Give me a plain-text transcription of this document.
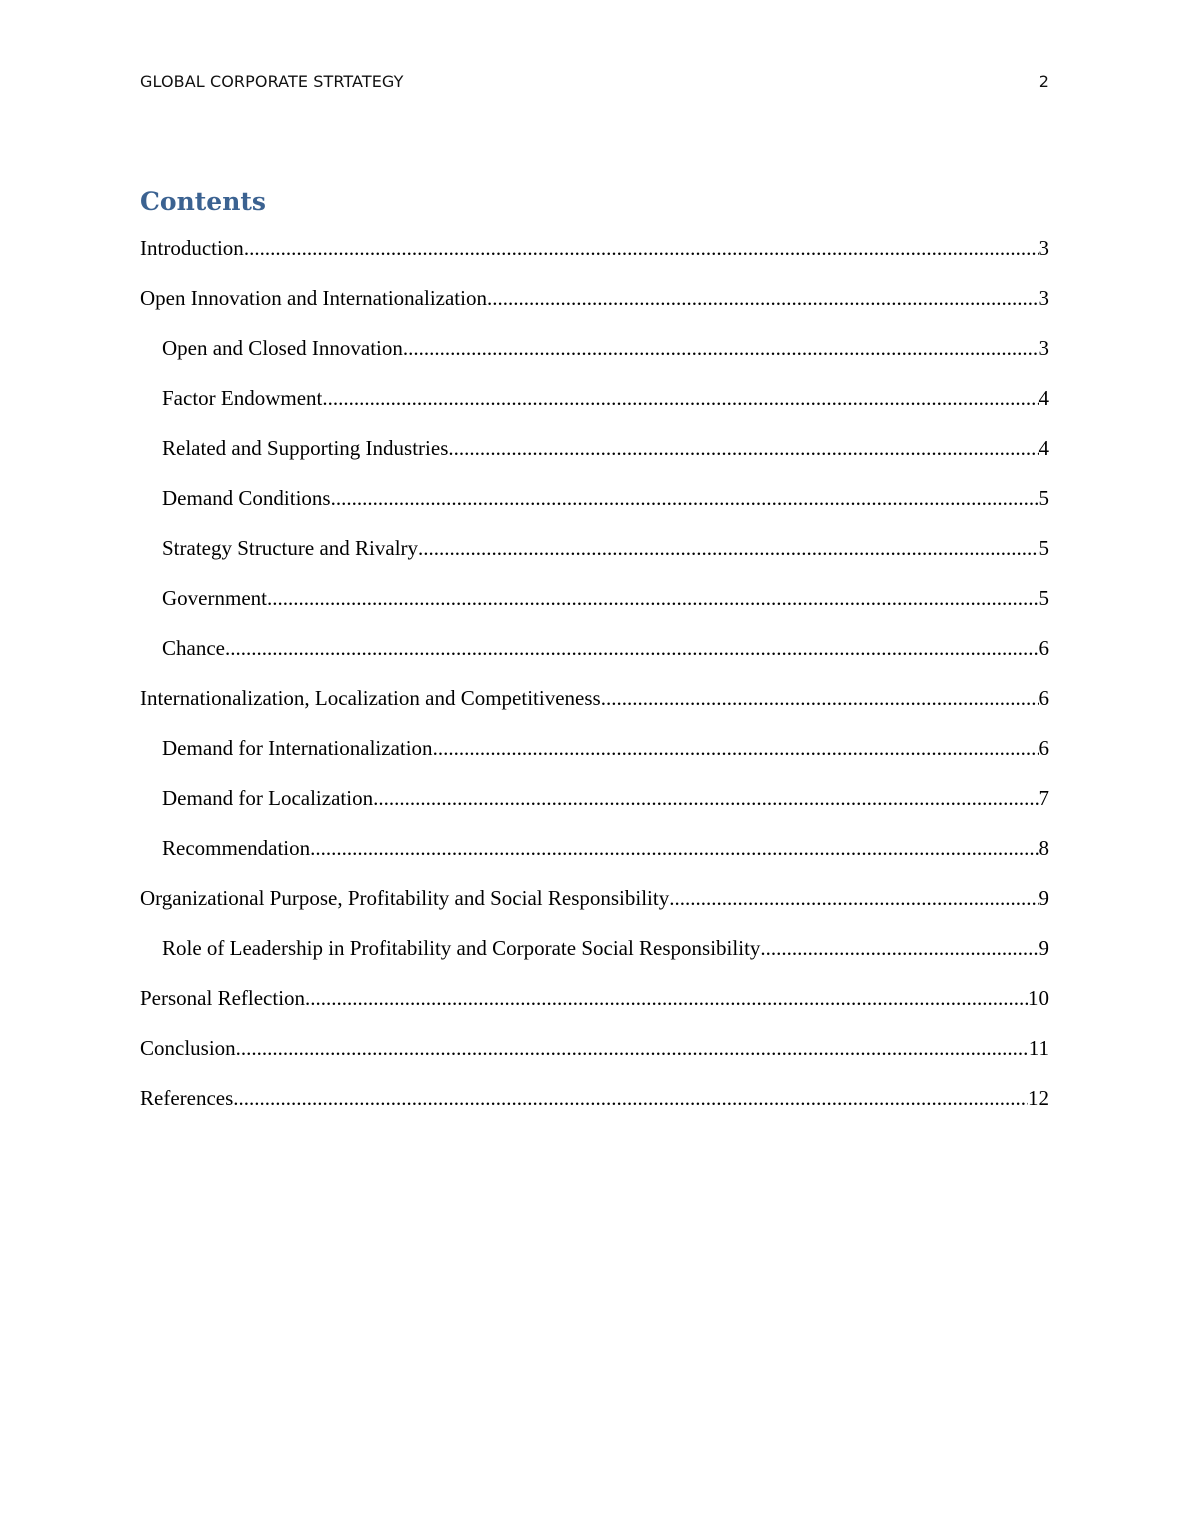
GLOBAL CORPORATE STRTATEGY	2
Contents
Introduction .....	3
Open Innovation and Internationalization .....	3
Open and Closed Innovation .....	3
Factor Endowment .....	4
Related and Supporting Industries .....	4
Demand Conditions .....	5
Strategy Structure and Rivalry .....	5
Government .....	5
Chance .....	6
Internationalization, Localization and Competitiveness .....	6
Demand for Internationalization .....	6
Demand for Localization .....	7
Recommendation .....	8
Organizational Purpose, Profitability and Social Responsibility .....	9
Role of Leadership in Profitability and Corporate Social Responsibility .....	9
Personal Reflection .....	10
Conclusion .....	11
References .....	12
